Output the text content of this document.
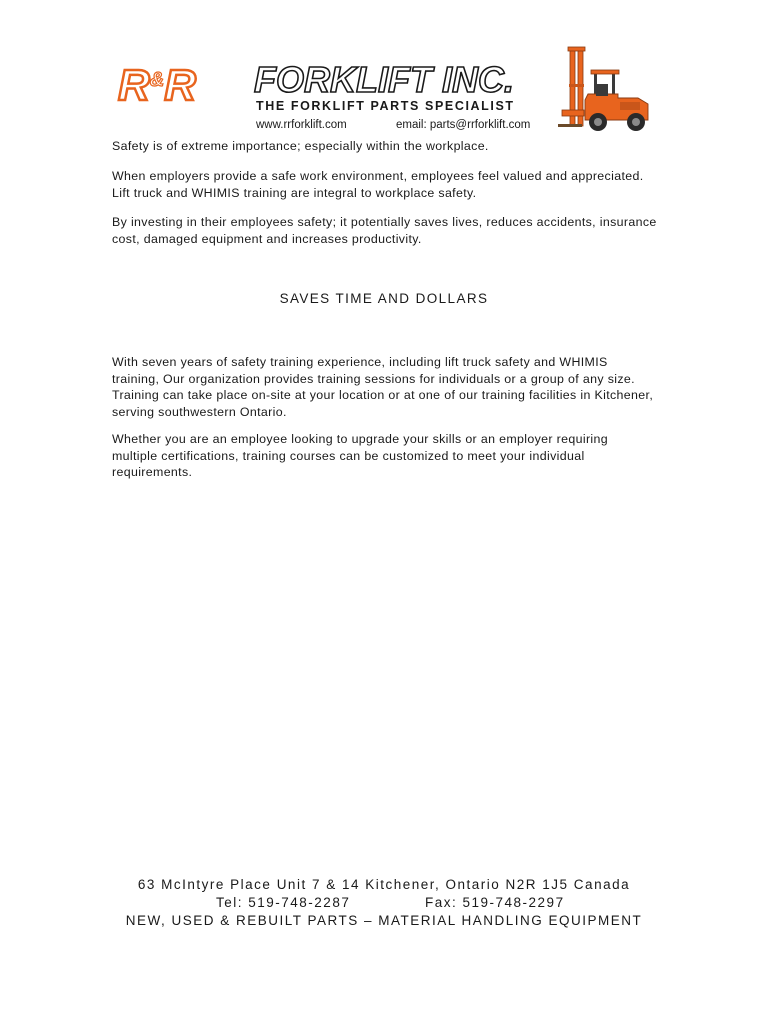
R&R FORKLIFT INC.
THE FORKLIFT PARTS SPECIALIST
www.rrforklift.com	email: parts@rrforklift.com

Safety is of extreme importance; especially within the workplace.

When employers provide a safe work environment, employees feel valued and appreciated. Lift truck and WHIMIS training are integral to workplace safety.

By investing in their employees safety; it potentially saves lives, reduces accidents, insurance cost, damaged equipment and increases productivity.

SAVES TIME AND DOLLARS

With seven years of safety training experience, including lift truck safety and WHIMIS training, Our organization provides training sessions for individuals or a group of any size. Training can take place on-site at your location or at one of our training facilities in Kitchener, serving southwestern Ontario.

Whether you are an employee looking to upgrade your skills or an employer requiring multiple certifications, training courses can be customized to meet your individual requirements.

63 McIntyre Place Unit 7 & 14 Kitchener, Ontario N2R 1J5 Canada
Tel: 519-748-2287	Fax: 519-748-2297
NEW, USED & REBUILT PARTS – MATERIAL HANDLING EQUIPMENT
